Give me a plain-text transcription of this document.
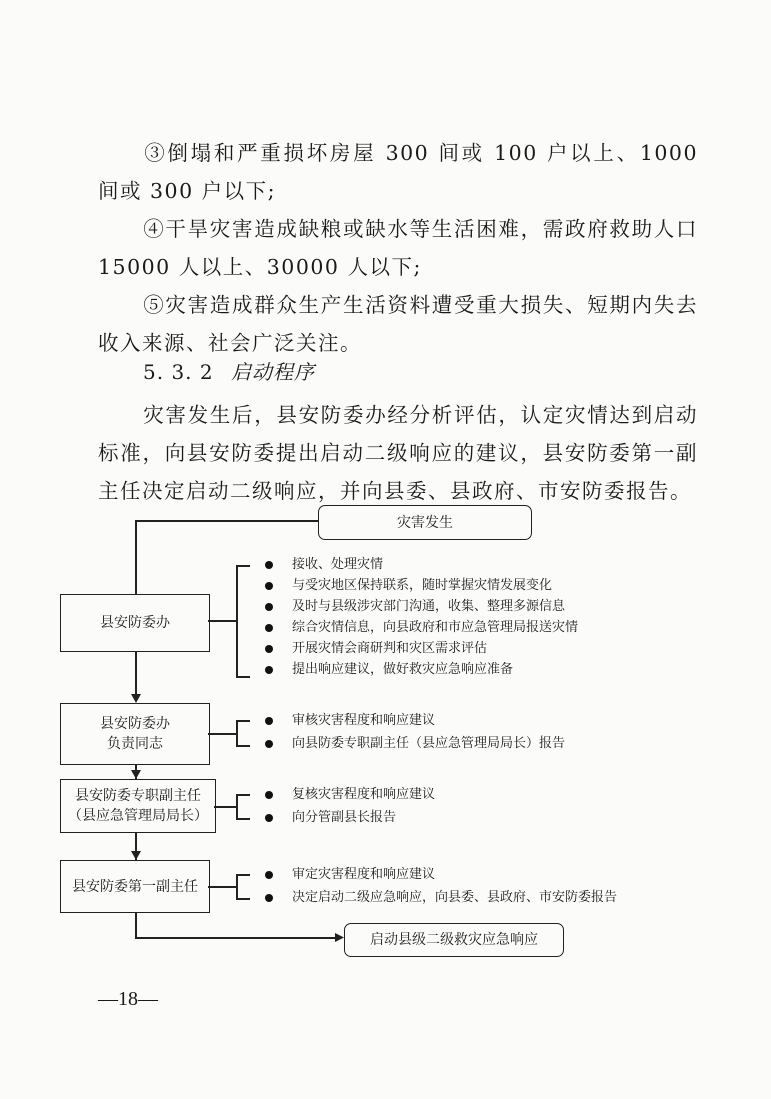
③倒塌和严重损坏房屋 300 间或 100 户以上、1000 间或 300 户以下;

④干旱灾害造成缺粮或缺水等生活困难，需政府救助人口 15000 人以上、30000 人以下;

⑤灾害造成群众生产生活资料遭受重大损失、短期内失去收入来源、社会广泛关注。

5. 3. 2 启动程序

灾害发生后，县安防委办经分析评估，认定灾情达到启动标准，向县安防委提出启动二级响应的建议，县安防委第一副主任决定启动二级响应，并向县委、县政府、市安防委报告。

灾害发生
县安防委办
接收、处理灾情
与受灾地区保持联系，随时掌握灾情发展变化
及时与县级涉灾部门沟通，收集、整理多源信息
综合灾情信息，向县政府和市应急管理局报送灾情
开展灾情会商研判和灾区需求评估
提出响应建议，做好救灾应急响应准备
县安防委办
负责同志
审核灾害程度和响应建议
向县防委专职副主任（县应急管理局局长）报告
县安防委专职副主任
（县应急管理局局长）
复核灾害程度和响应建议
向分管副县长报告
县安防委第一副主任
审定灾害程度和响应建议
决定启动二级应急响应，向县委、县政府、市安防委报告
启动县级二级救灾应急响应
—18—
